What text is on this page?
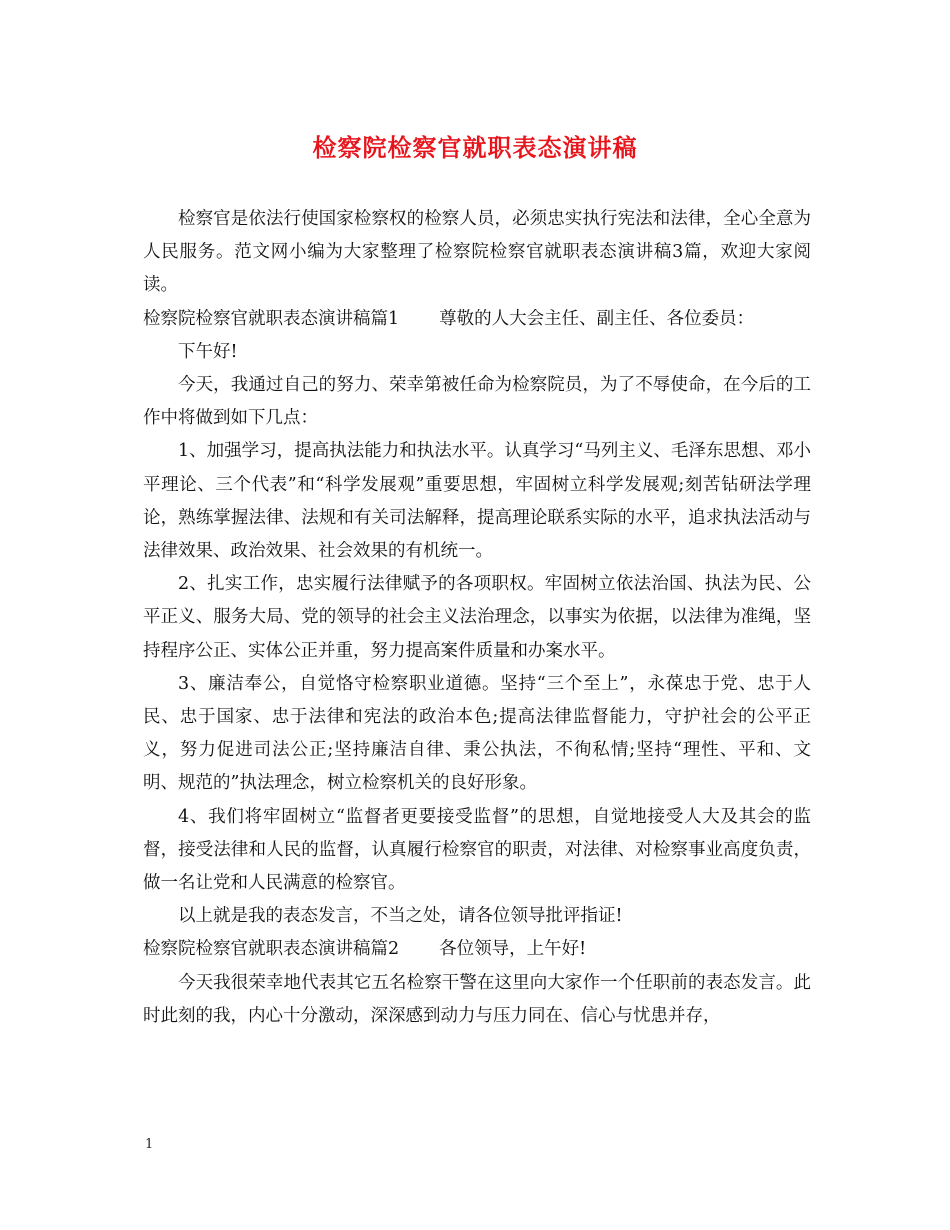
检察院检察官就职表态演讲稿

检察官是依法行使国家检察权的检察人员，必须忠实执行宪法和法律，全心全意为人民服务。范文网小编为大家整理了检察院检察官就职表态演讲稿3篇，欢迎大家阅读。

检察院检察官就职表态演讲稿篇1 尊敬的人大会主任、副主任、各位委员：

下午好!

今天，我通过自己的努力、荣幸第被任命为检察院员，为了不辱使命，在今后的工作中将做到如下几点：

1、加强学习，提高执法能力和执法水平。认真学习“马列主义、毛泽东思想、邓小平理论、三个代表”和“科学发展观”重要思想，牢固树立科学发展观;刻苦钻研法学理论，熟练掌握法律、法规和有关司法解释，提高理论联系实际的水平，追求执法活动与法律效果、政治效果、社会效果的有机统一。

2、扎实工作，忠实履行法律赋予的各项职权。牢固树立依法治国、执法为民、公平正义、服务大局、党的领导的社会主义法治理念，以事实为依据，以法律为准绳，坚持程序公正、实体公正并重，努力提高案件质量和办案水平。

3、廉洁奉公，自觉恪守检察职业道德。坚持“三个至上”，永葆忠于党、忠于人民、忠于国家、忠于法律和宪法的政治本色;提高法律监督能力，守护社会的公平正义，努力促进司法公正;坚持廉洁自律、秉公执法，不徇私情;坚持“理性、平和、文明、规范的”执法理念，树立检察机关的良好形象。

4、我们将牢固树立“监督者更要接受监督”的思想，自觉地接受人大及其会的监督，接受法律和人民的监督，认真履行检察官的职责，对法律、对检察事业高度负责，做一名让党和人民满意的检察官。

以上就是我的表态发言，不当之处，请各位领导批评指证!

检察院检察官就职表态演讲稿篇2 各位领导，上午好!

今天我很荣幸地代表其它五名检察干警在这里向大家作一个任职前的表态发言。此时此刻的我，内心十分激动，深深感到动力与压力同在、信心与忧患并存，

1
